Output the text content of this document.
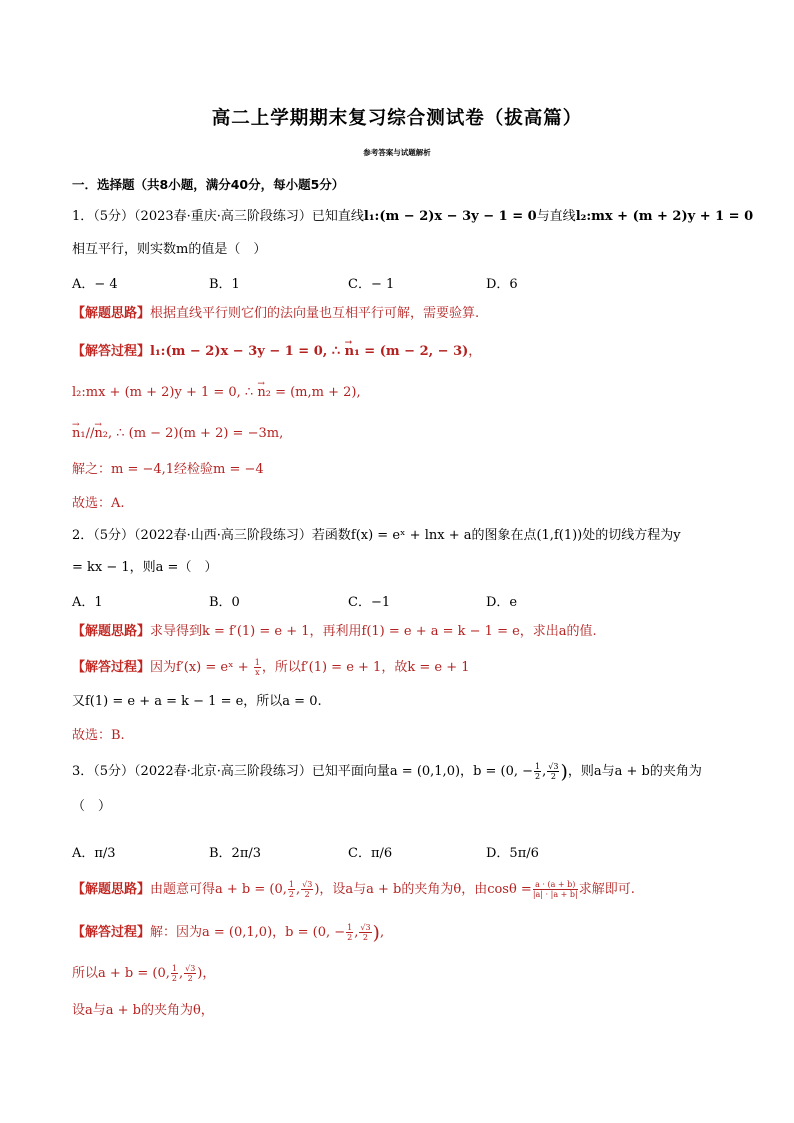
高二上学期期末复习综合测试卷（拔高篇）
参考答案与试题解析
一．选择题（共8小题，满分40分，每小题5分）
1．（5分）（2023春·重庆·高三阶段练习）已知直线l₁:(m − 2)x − 3y − 1 = 0与直线l₂:mx + (m + 2)y + 1 = 0
相互平行，则实数m的值是（　）
A．− 4	B．1	C．− 1	D．6
【解题思路】根据直线平行则它们的法向量也互相平行可解，需要验算.
【解答过程】l₁:(m − 2)x − 3y − 1 = 0, ∴ → n₁ = (m − 2, − 3)，
l₂:mx + (m + 2)y + 1 = 0, ∴ → n₂ = (m,m + 2),
→ n₁//→ n₂, ∴ (m − 2)(m + 2) = −3m,
解之：m = −4,1经检验m = −4
故选：A.
2．（5分）（2022春·山西·高三阶段练习）若函数f(x) = eˣ + lnx + a的图象在点(1,f(1))处的切线方程为y
= kx − 1，则a =（　）
A．1	B．0	C．−1	D．e
【解题思路】求导得到k = f′(1) = e + 1，再利用f(1) = e + a = k − 1 = e，求出a的值.
【解答过程】因为f′(x) = eˣ + $\frac{1}{x}$ ，所以f′(1) = e + 1，故k = e + 1
又f(1) = e + a = k − 1 = e，所以a = 0.
故选：B.
3．（5分）（2022春·北京·高三阶段练习）已知平面向量a = (0,1,0)，b = (0, − $\frac{1}{2}$ , $\frac{√3}{2}$ )，则a与a + b的夹角为
（　）
A．π/3	B．2π/3	C．π/6	D．5π/6
【解题思路】由题意可得a + b = (0, $\frac{1}{2}$ , $\frac{√3}{2}$ )，设a与a + b的夹角为θ，由$\cos\theta = \frac{a \cdot (a + b)}{|a| \cdot |a + b|}$ 求解即可.
【解答过程】解：因为a = (0,1,0)，b = (0, − $\frac{1}{2}$ , $\frac{√3}{2}$ ),
所以a + b = (0, $\frac{1}{2}$ , $\frac{√3}{2}$ )，
设a与a + b的夹角为θ，
